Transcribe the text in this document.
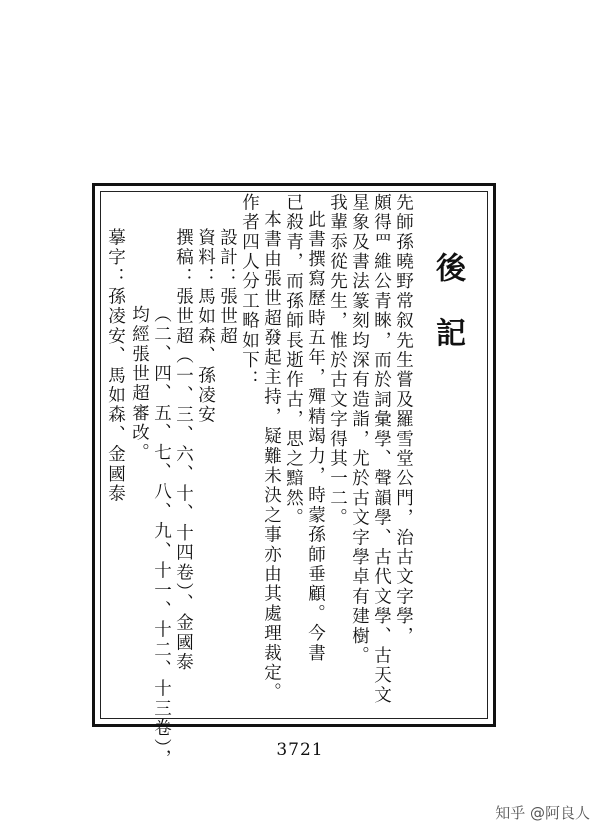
後 記
先師孫曉野常叙先生嘗及羅雪堂公門，治古文字學，
頗得罒維公青睞，而於詞彙學、聲韻學、古代文學、古天文
星象及書法篆刻均深有造詣，尤於古文字學卓有建樹。
我輩忝從先生，惟於古文字得其一二。
此書撰寫歷時五年，殫精竭力，時蒙孫師垂顧。今書
已殺青，而孫師長逝作古，思之黯然。
本書由張世超發起主持，疑難未決之事亦由其處理裁定。
作者四人分工略如下：
設計：張世超
資料：馬如森、孫凌安
撰稿：張世超（一、三、六、十、十四卷）、金國泰
（二、四、五、七、八、九、十一、十二、十三卷），
均經張世超審改。
摹字：孫凌安、馬如森、金國泰
3721
知乎 @阿良人
